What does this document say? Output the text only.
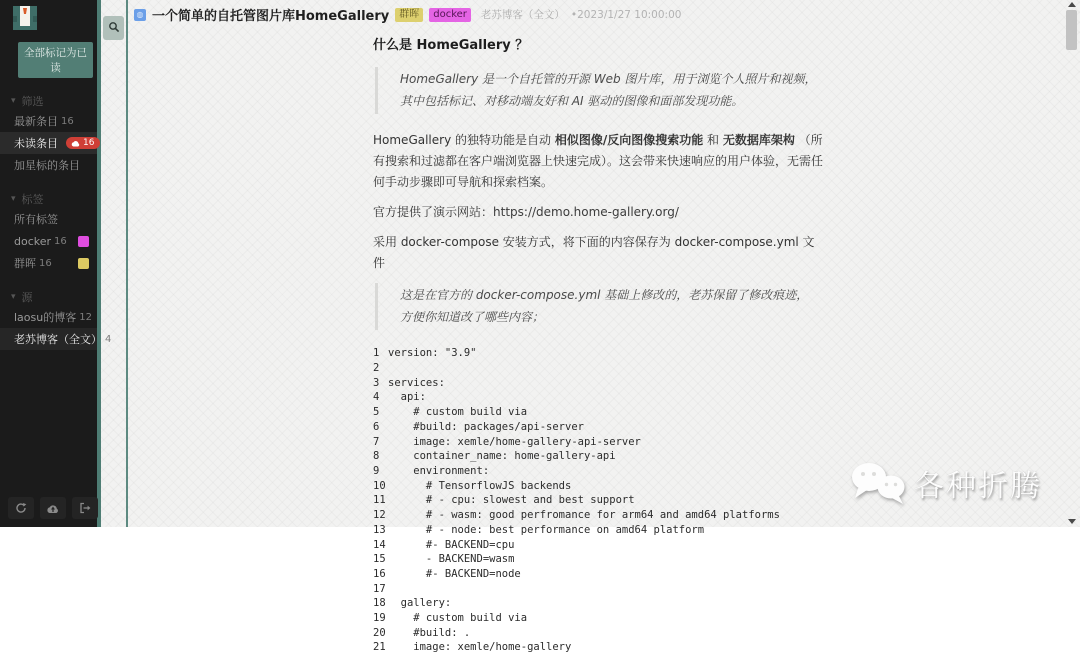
全部标记为已读
▾ 筛选
最新条目 16
未读条目	16
加星标的条目
▾ 标签
所有标签
docker 16
群晖 16
▾ 源
laosu的博客 12
老苏博客（全文） 4
◍ 一个简单的自托管图片库HomeGallery	群晖	docker	老苏博客（全文） •2023/1/27 10:00:00
什么是 HomeGallery ？
HomeGallery 是一个自托管的开源 Web 图片库，用于浏览个人照片和视频，其中包括标记、对移动端友好和 AI 驱动的图像和面部发现功能。

HomeGallery 的独特功能是自动 相似图像/反向图像搜索功能 和 无数据库架构 （所有搜索和过滤都在客户端浏览器上快速完成）。这会带来快速响应的用户体验，无需任何手动步骤即可导航和探索档案。

官方提供了演示网站：https://demo.home-gallery.org/

采用 docker-compose 安装方式，将下面的内容保存为 docker-compose.yml 文件

这是在官方的 docker-compose.yml 基础上修改的，老苏保留了修改痕迹，方便你知道改了哪些内容；
1 version: "3.9"
2
3 services:
4 api:
5 # custom build via
6 #build: packages/api-server
7 image: xemle/home-gallery-api-server
8 container_name: home-gallery-api
9 environment:
10 # TensorflowJS backends
11 # - cpu: slowest and best support
12 # - wasm: good perfromance for arm64 and amd64 platforms
13 # - node: best performance on amd64 platform
14 #- BACKEND=cpu
15 - BACKEND=wasm
16 #- BACKEND=node
17
18 gallery:
19 # custom build via
20 #build: .
21 image: xemle/home-gallery
各种折腾
